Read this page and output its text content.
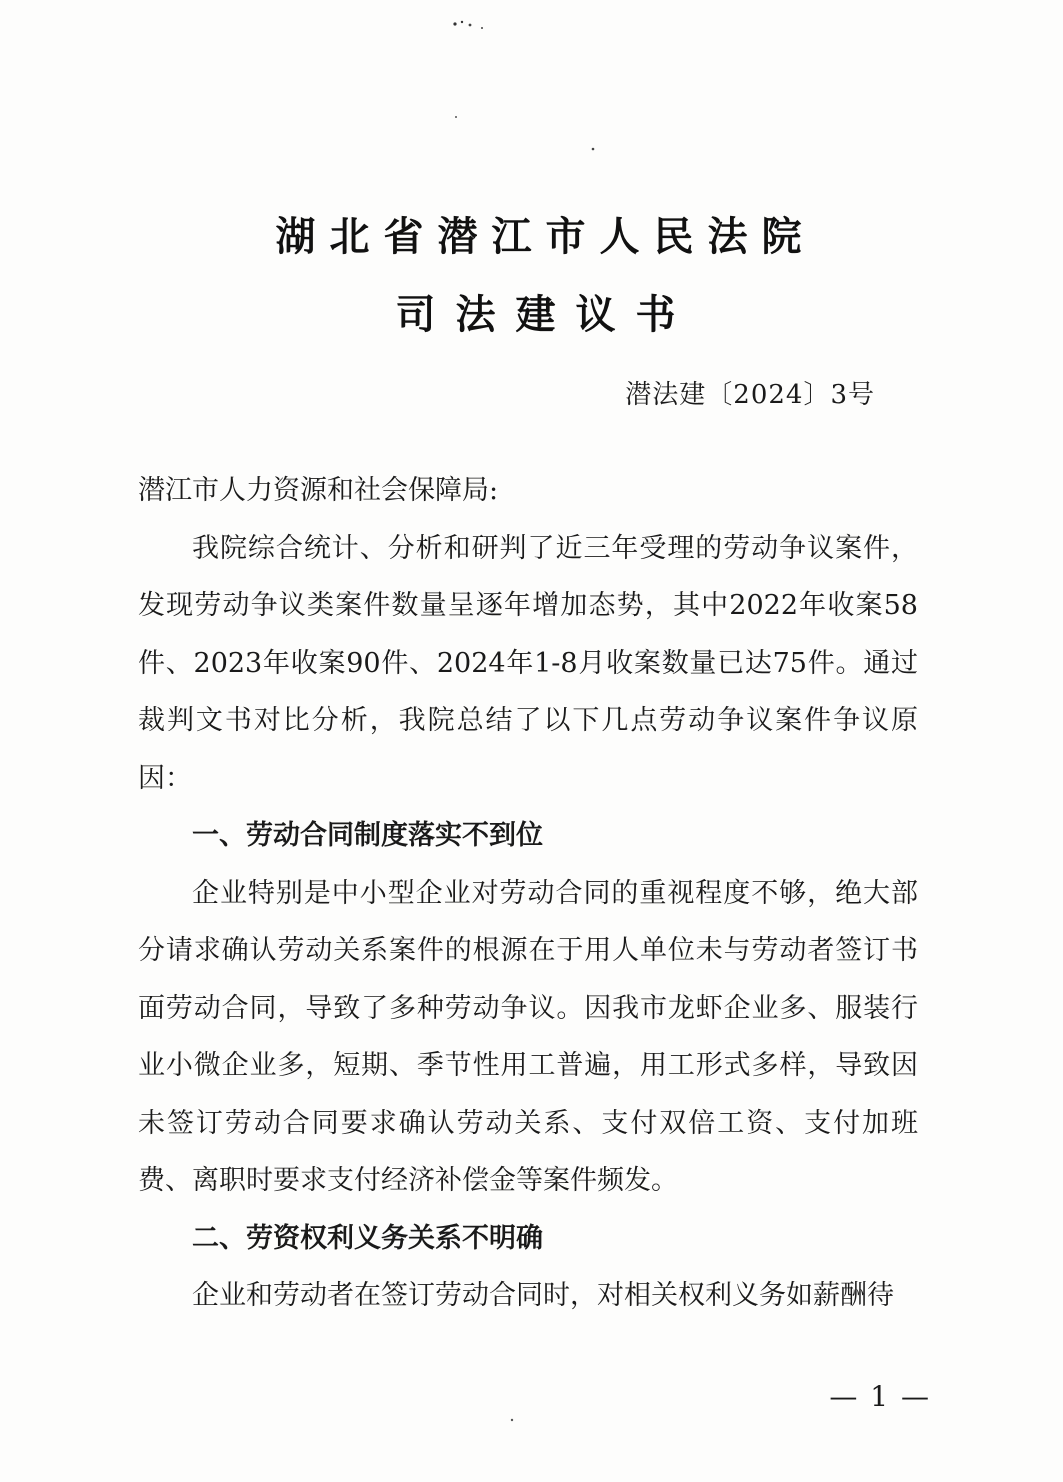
湖北省潜江市人民法院
司法建议书
潜法建〔2024〕3号

潜江市人力资源和社会保障局:

我院综合统计、分析和研判了近三年受理的劳动争议案件，发现劳动争议类案件数量呈逐年增加态势，其中2022年收案58件、2023年收案90件、2024年1-8月收案数量已达75件。通过裁判文书对比分析，我院总结了以下几点劳动争议案件争议原因：

一、劳动合同制度落实不到位

企业特别是中小型企业对劳动合同的重视程度不够，绝大部分请求确认劳动关系案件的根源在于用人单位未与劳动者签订书面劳动合同，导致了多种劳动争议。因我市龙虾企业多、服装行业小微企业多，短期、季节性用工普遍，用工形式多样，导致因未签订劳动合同要求确认劳动关系、支付双倍工资、支付加班费、离职时要求支付经济补偿金等案件频发。

二、劳资权利义务关系不明确

企业和劳动者在签订劳动合同时，对相关权利义务如薪酬待

— 1 —
